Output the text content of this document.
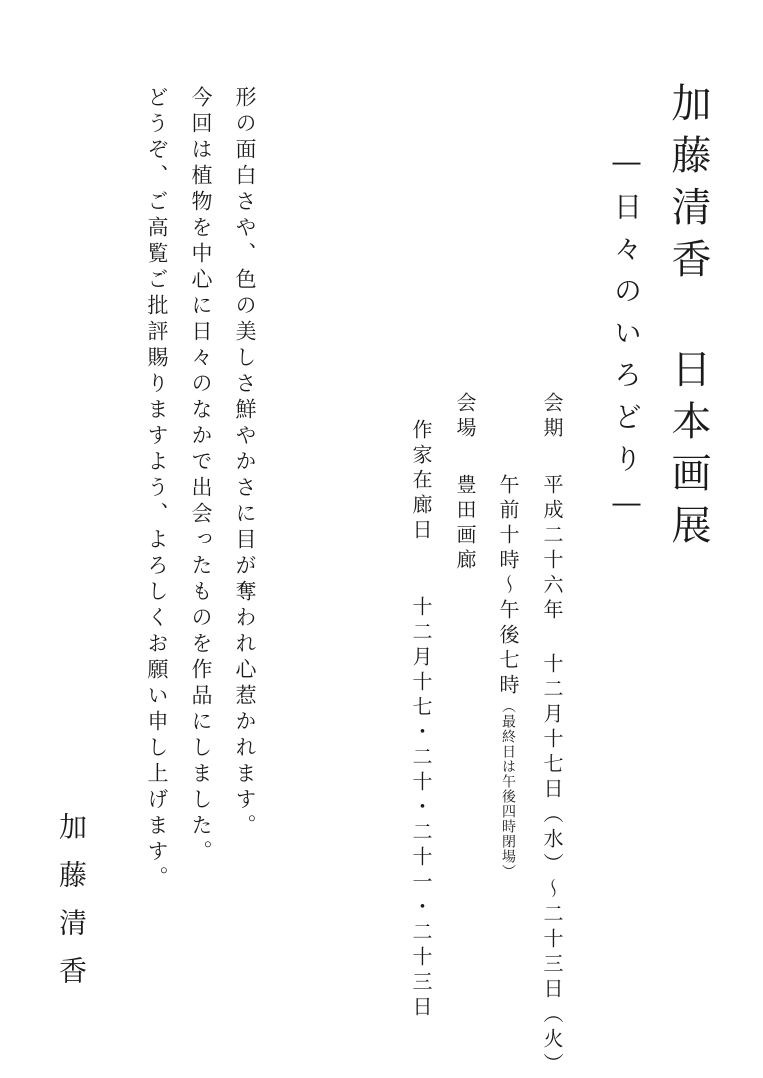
加藤清香 日本画展
―日々のいろどり―
会期
平成二十六年 十二月十七日︵水︶〜二十三日︵火︶
午前十時〜午後七時︵最終日は午後四時閉場︶
会場
豊田画廊
作家在廊日
十二月十七・二十・二十一・二十三日
形の面白さや、色の美しさ鮮やかさに目が奪われ心惹かれます。
今回は植物を中心に日々のなかで出会ったものを作品にしました。
どうぞ、ご高覧ご批評賜りますよう、よろしくお願い申し上げます。
加藤清香
